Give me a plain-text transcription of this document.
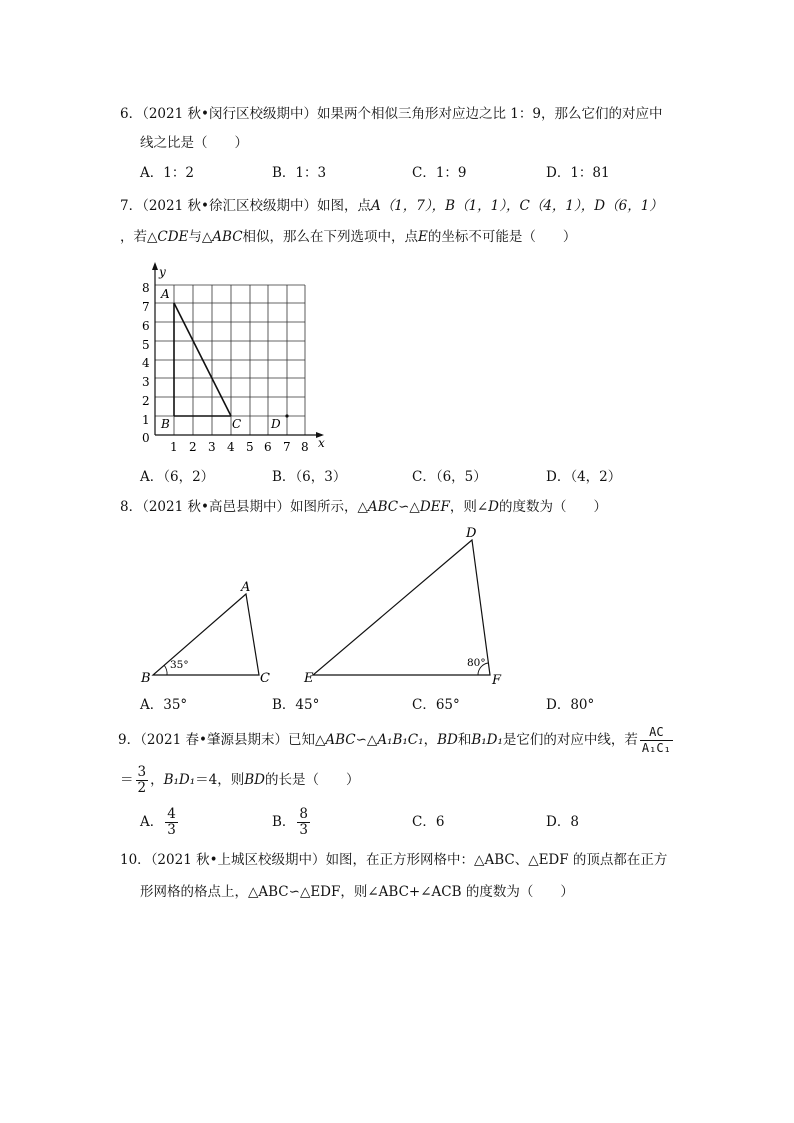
6．（2021 秋•闵行区校级期中）如果两个相似三角形对应边之比 1：9，那么它们的对应中
线之比是（　　）
A．1：2	B．1：3	C．1：9	D．1：81
7．（2021 秋•徐汇区校级期中）如图，点A（1，7），B（1，1），C（4，1），D（6，1）
，若△CDE与△ABC相似，那么在下列选项中，点E的坐标不可能是（　　）
y
x
0
1
2
3
4
5
6
7
8
1 2 3 4 5 6 7 8
A
B	C D
A．（6，2）	B．（6，3）	C．（6，5）	D．（4，2）
8．（2021 秋•高邑县期中）如图所示，△ABC∽△DEF，则∠D的度数为（　　）
A
B	C
D
E	F
35°	80°
A．35°	B．45°	C．65°	D．80°
9．（2021 春•肇源县期末）已知△ABC∽△A₁B₁C₁，BD和B₁D₁是它们的对应中线，若 $\frac{AC}{\text{A₁C₁}}$
＝ $\frac{3}{2}$ ，B₁D₁＝4，则BD的长是（　　）
A． $\frac{4}{3}$	B． $\frac{8}{3}$	C．6	D．8
10．（2021 秋•上城区校级期中）如图，在正方形网格中：△ABC、△EDF 的顶点都在正方
形网格的格点上，△ABC∽△EDF，则∠ABC+∠ACB 的度数为（　　）
